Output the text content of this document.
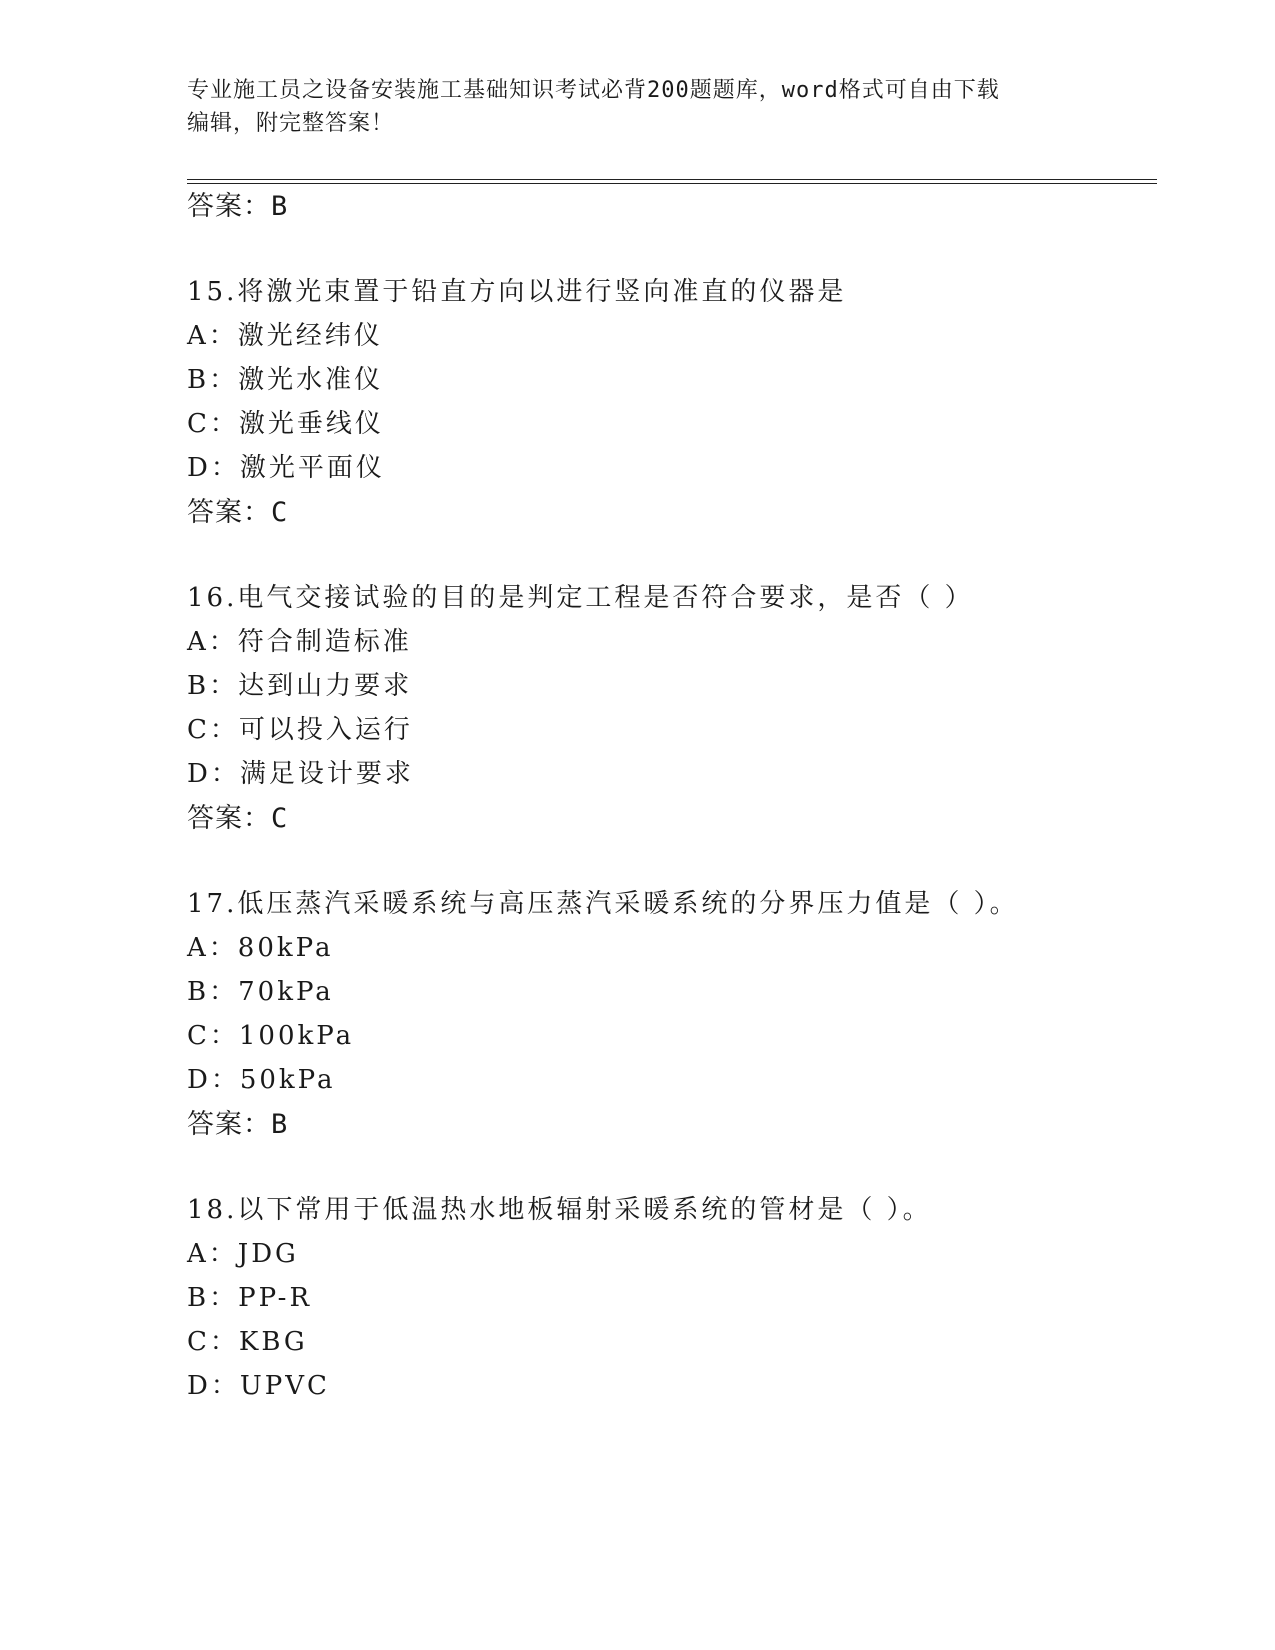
专业施工员之设备安装施工基础知识考试必背200题题库，word格式可自由下载
编辑，附完整答案！
答案：B
15.将激光束置于铅直方向以进行竖向准直的仪器是
A：激光经纬仪
B：激光水准仪
C：激光垂线仪
D：激光平面仪
答案：C
16.电气交接试验的目的是判定工程是否符合要求，是否（ ）
A：符合制造标准
B：达到山力要求
C：可以投入运行
D：满足设计要求
答案：C
17.低压蒸汽采暖系统与高压蒸汽采暖系统的分界压力值是（ ）。
A：80kPa
B：70kPa
C：100kPa
D：50kPa
答案：B
18.以下常用于低温热水地板辐射采暖系统的管材是（ ）。
A：JDG
B：PP-R
C：KBG
D：UPVC
